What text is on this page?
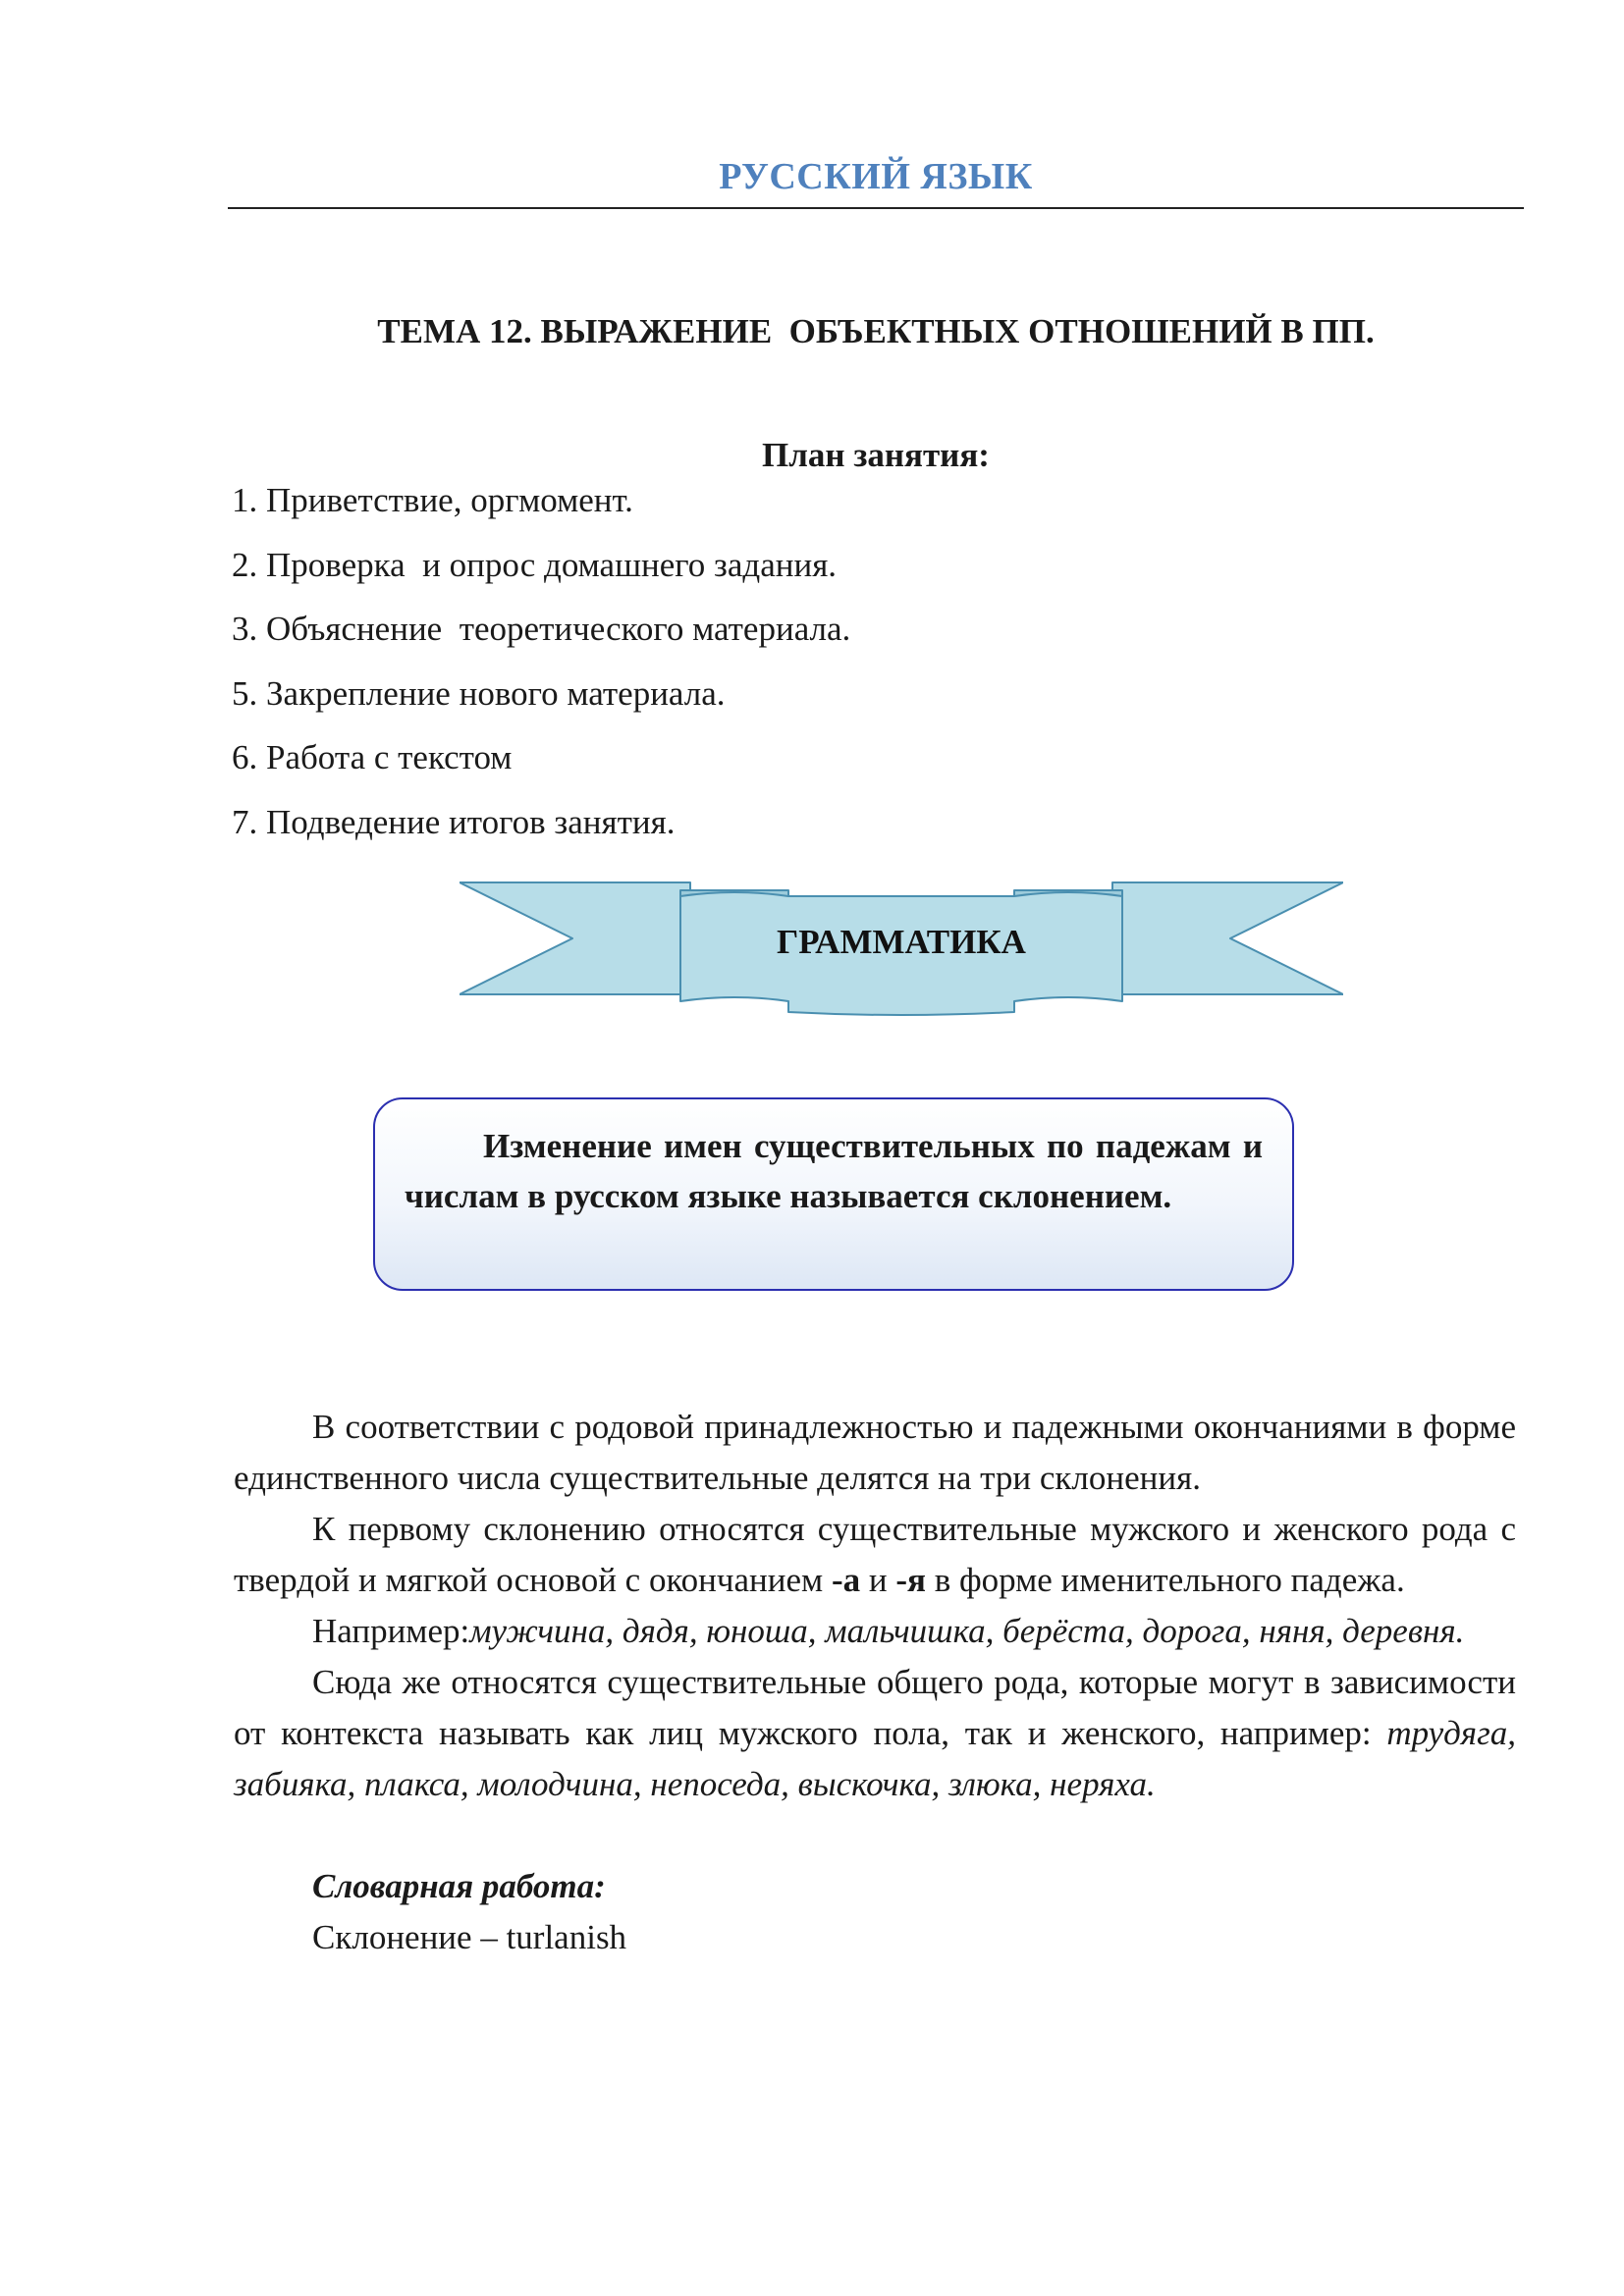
РУССКИЙ ЯЗЫК
ТЕМА 12. ВЫРАЖЕНИЕ  ОБЪЕКТНЫХ ОТНОШЕНИЙ В ПП.
План занятия:
1. Приветствие, оргмомент.
2. Проверка  и опрос домашнего задания.
3. Объяснение  теоретического материала.
5. Закрепление нового материала.
6. Работа с текстом
7. Подведение итогов занятия.
ГРАММАТИКА
Изменение имен существительных по падежам и числам в русском языке называется склонением.

В соответствии с родовой принадлежностью и падежными окончаниями в форме единственного числа существительные делятся на три склонения.

К первому склонению относятся существительные мужского и женского рода с твердой и мягкой основой с окончанием -а и -я в форме именительного падежа.

Например:мужчина, дядя, юноша, мальчишка, берёста, дорога, няня, деревня.

Сюда же относятся существительные общего рода, которые могут в зависимости от контекста называть как лиц мужского пола, так и женского, например: трудяга, забияка, плакса, молодчина, непоседа, выскочка, злюка, неряха.

Словарная работа:
Склонение – turlanish
